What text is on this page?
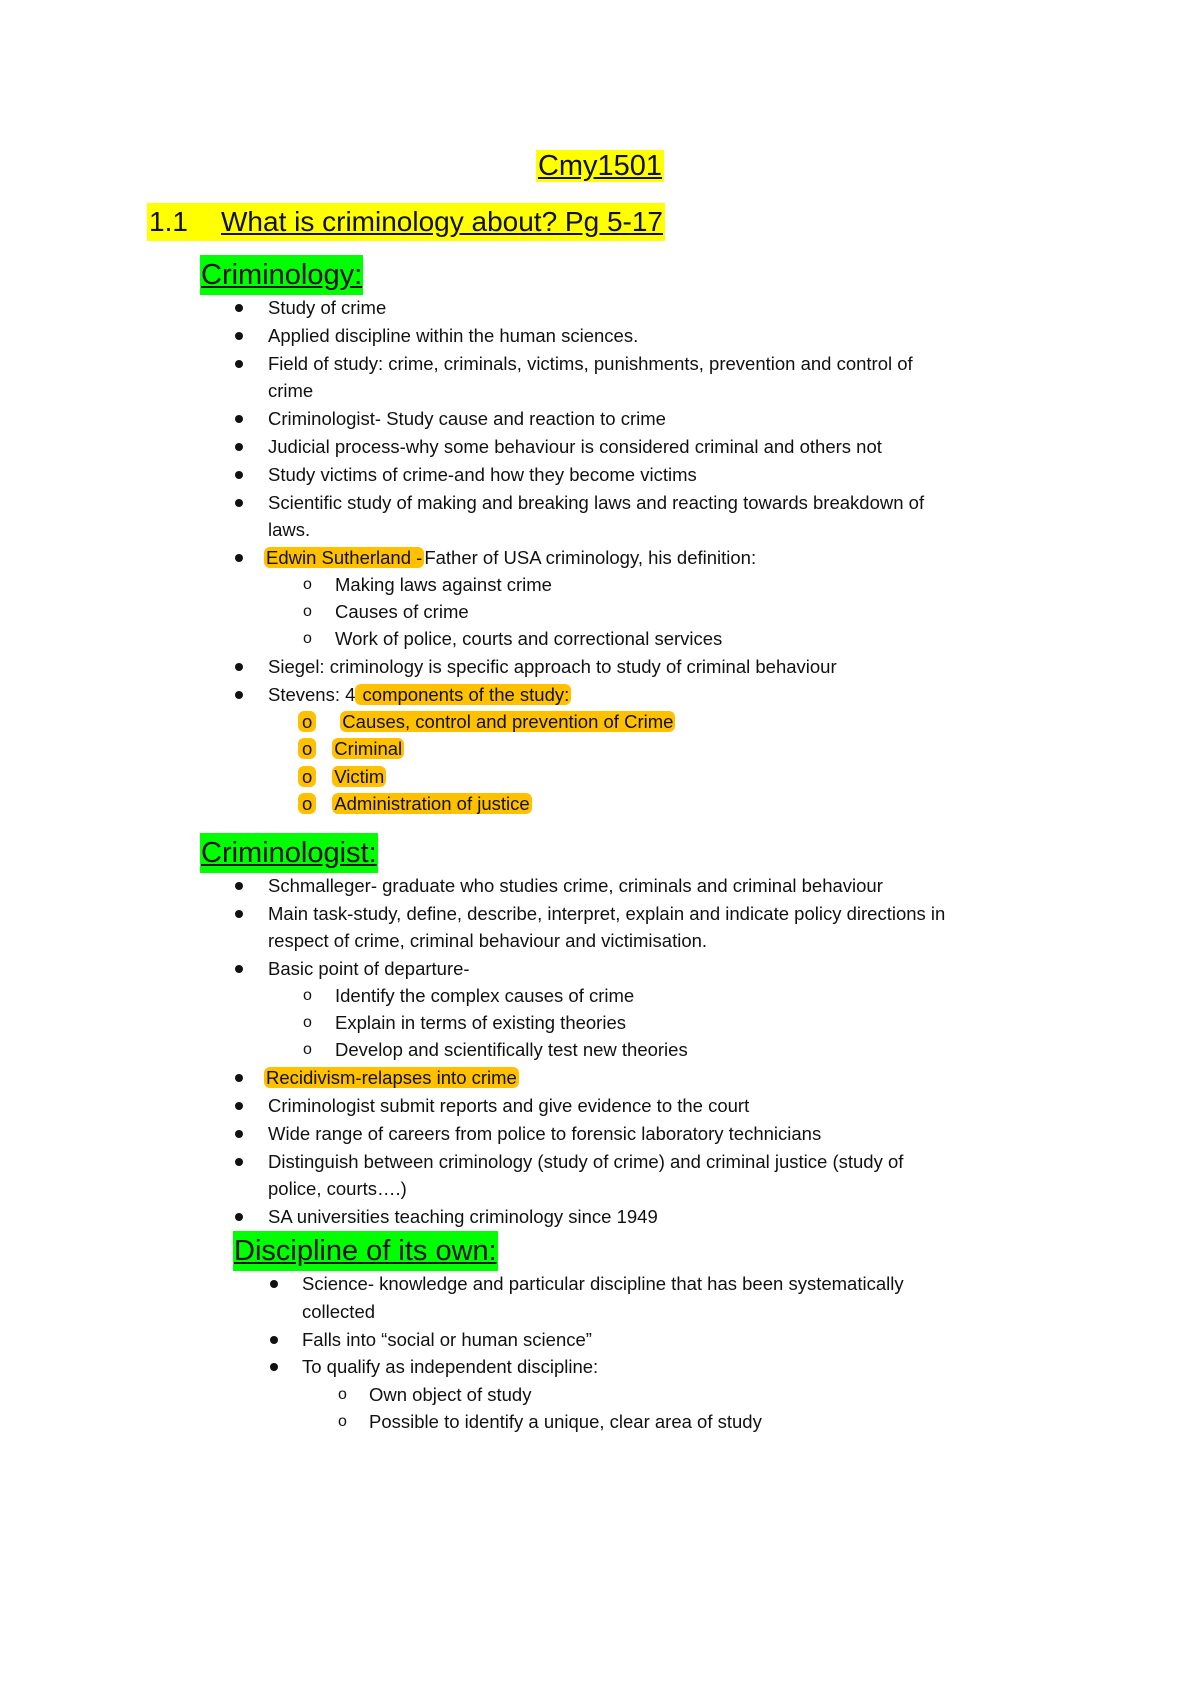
Cmy1501
1.1 What is criminology about? Pg 5-17
Criminology:
Study of crime
Applied discipline within the human sciences.
Field of study: crime, criminals, victims, punishments, prevention and control of
crime
Criminologist- Study cause and reaction to crime
Judicial process-why some behaviour is considered criminal and others not
Study victims of crime-and how they become victims
Scientific study of making and breaking laws and reacting towards breakdown of
laws.
Edwin Sutherland - Father of USA criminology, his definition:
o Making laws against crime
o Causes of crime
o Work of police, courts and correctional services
Siegel: criminology is specific approach to study of criminal behaviour
Stevens: 4 components of the study:
o Causes, control and prevention of Crime
o Criminal
o Victim
o Administration of justice
Criminologist:
Schmalleger- graduate who studies crime, criminals and criminal behaviour
Main task-study, define, describe, interpret, explain and indicate policy directions in
respect of crime, criminal behaviour and victimisation.
Basic point of departure-
o Identify the complex causes of crime
o Explain in terms of existing theories
o Develop and scientifically test new theories
Recidivism-relapses into crime
Criminologist submit reports and give evidence to the court
Wide range of careers from police to forensic laboratory technicians
Distinguish between criminology (study of crime) and criminal justice (study of
police, courts….)
SA universities teaching criminology since 1949
Discipline of its own:
Science- knowledge and particular discipline that has been systematically
collected
Falls into “social or human science”
To qualify as independent discipline:
o Own object of study
o Possible to identify a unique, clear area of study
